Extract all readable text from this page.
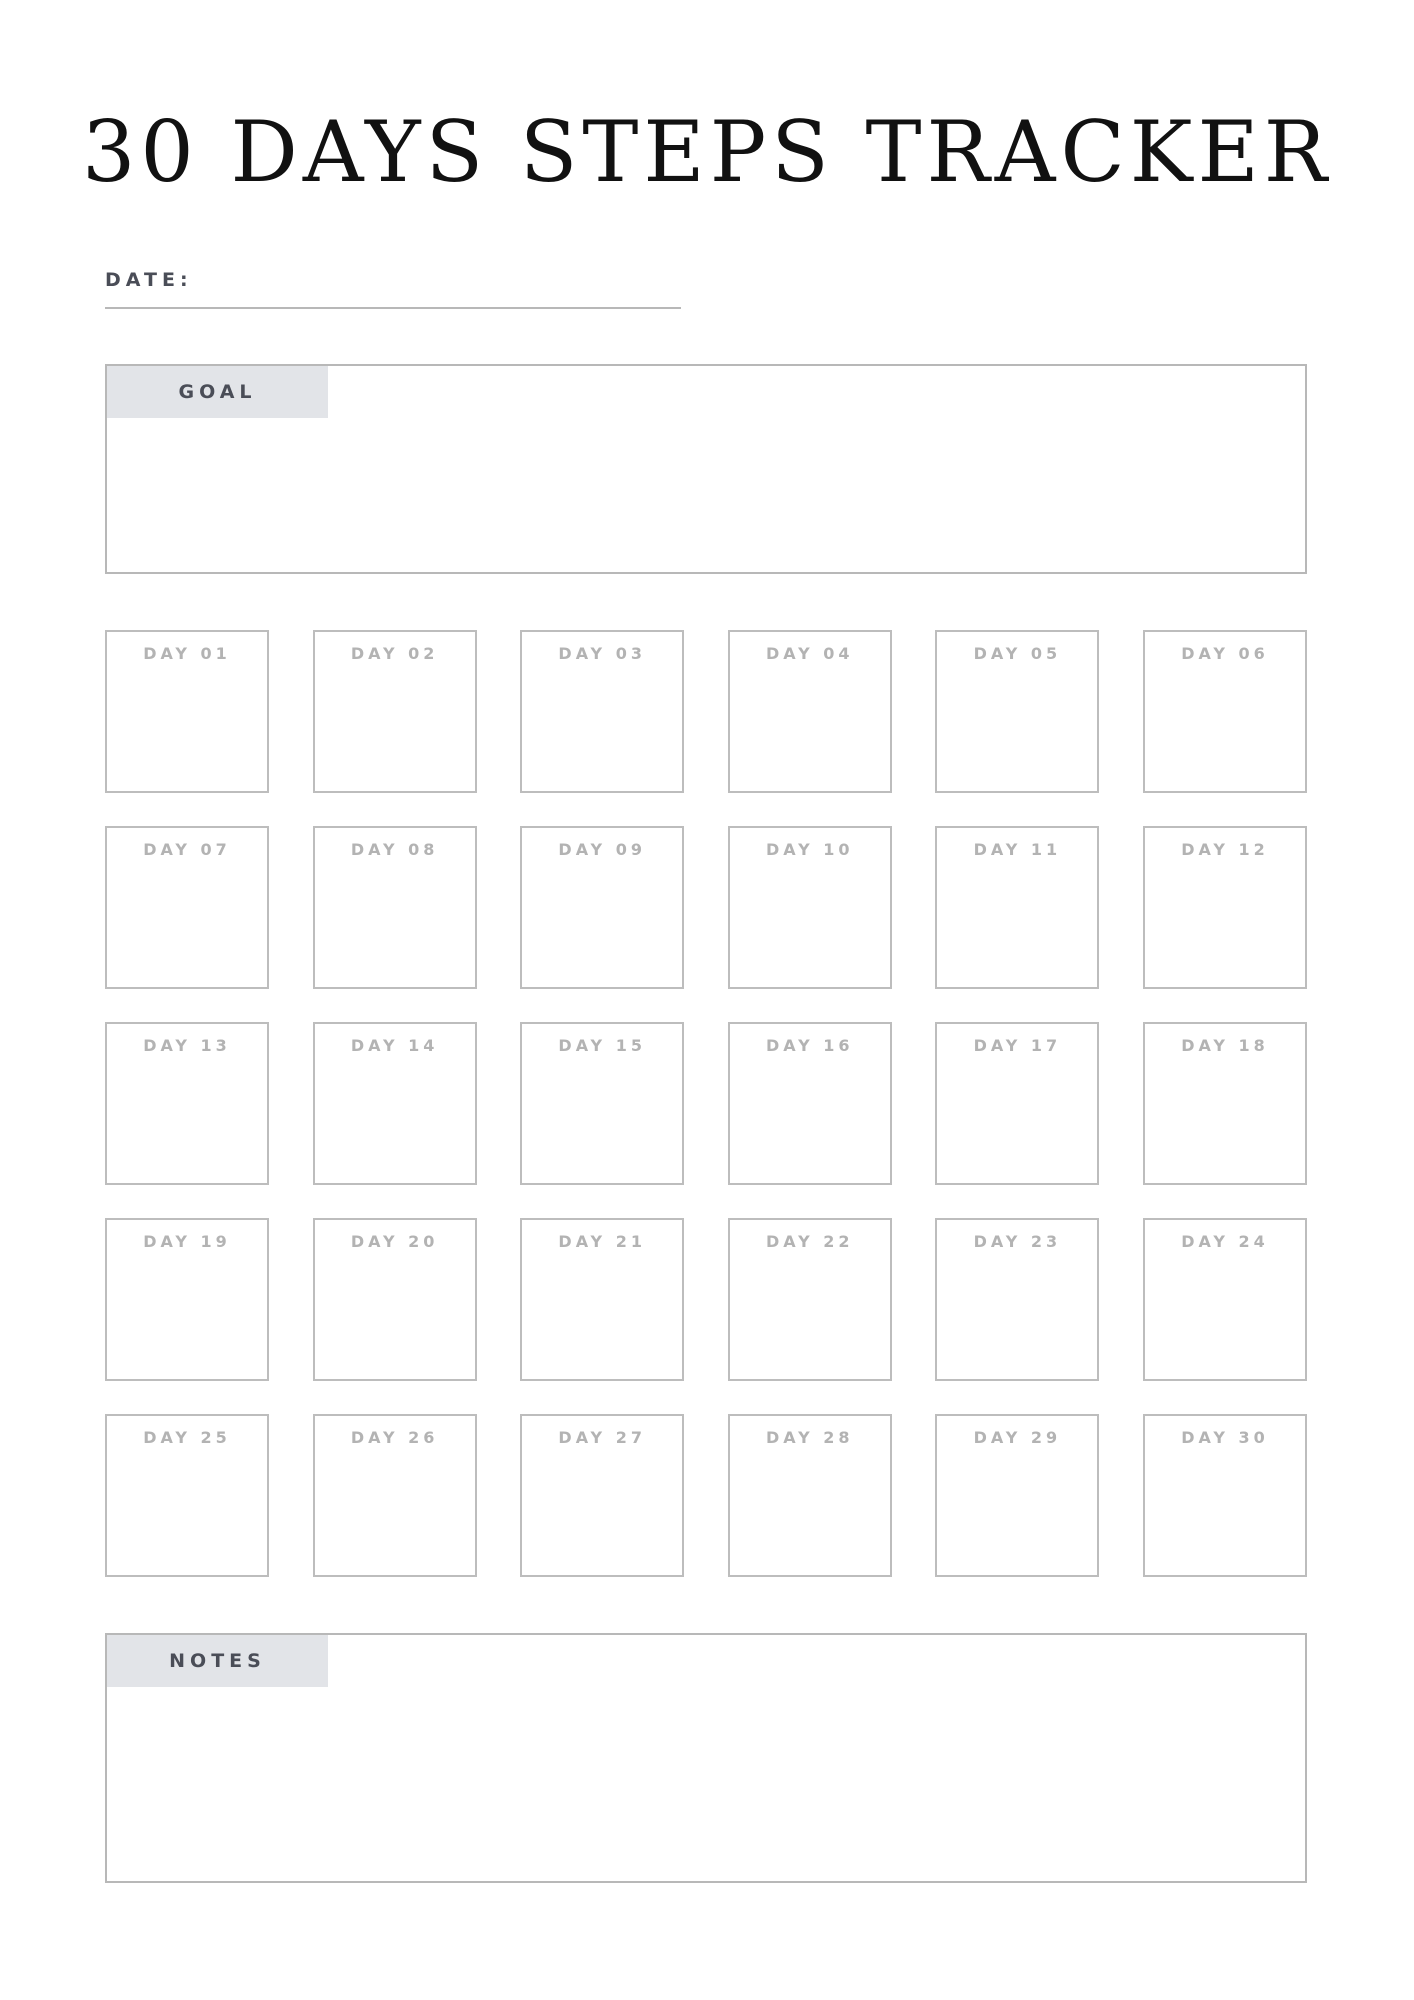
30 DAYS STEPS TRACKER
DATE:
GOAL
DAY 01	DAY 02	DAY 03	DAY 04	DAY 05	DAY 06
DAY 07	DAY 08	DAY 09	DAY 10	DAY 11	DAY 12
DAY 13	DAY 14	DAY 15	DAY 16	DAY 17	DAY 18
DAY 19	DAY 20	DAY 21	DAY 22	DAY 23	DAY 24
DAY 25	DAY 26	DAY 27	DAY 28	DAY 29	DAY 30
NOTES
